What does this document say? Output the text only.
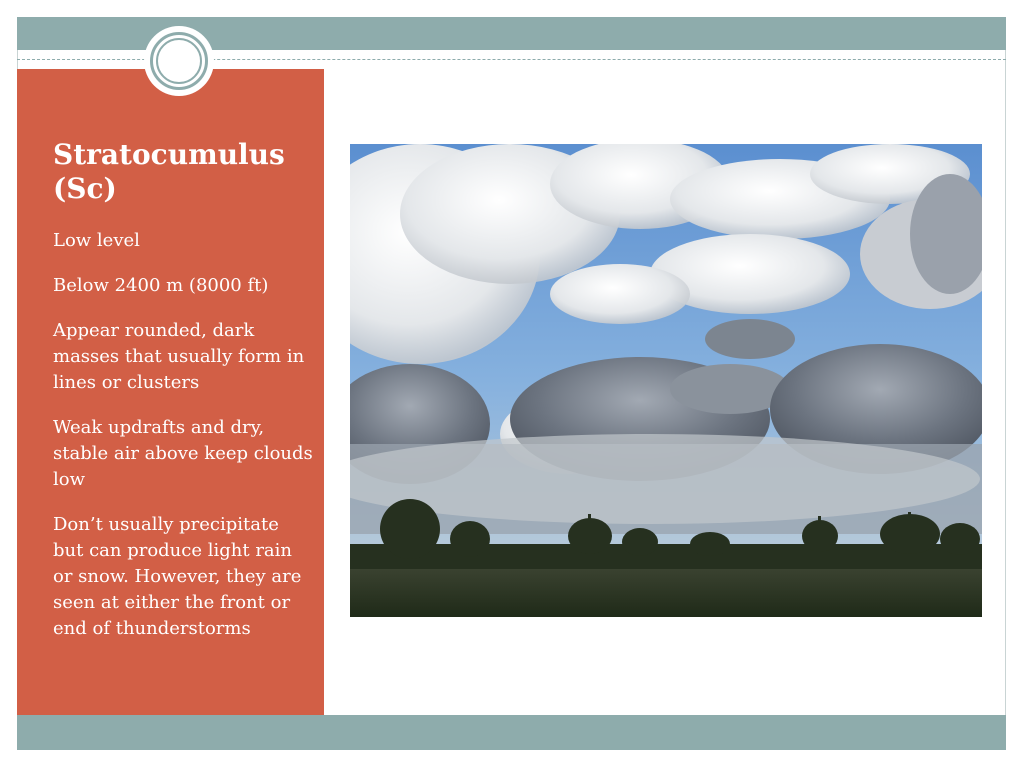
Stratocumulus (Sc)
Low level
Below 2400 m (8000 ft)
Appear rounded, dark masses that usually form in lines or clusters
Weak updrafts and dry, stable air above keep clouds low
Don’t usually precipitate but can produce light rain or snow. However, they are seen at either the front or end of thunderstorms
